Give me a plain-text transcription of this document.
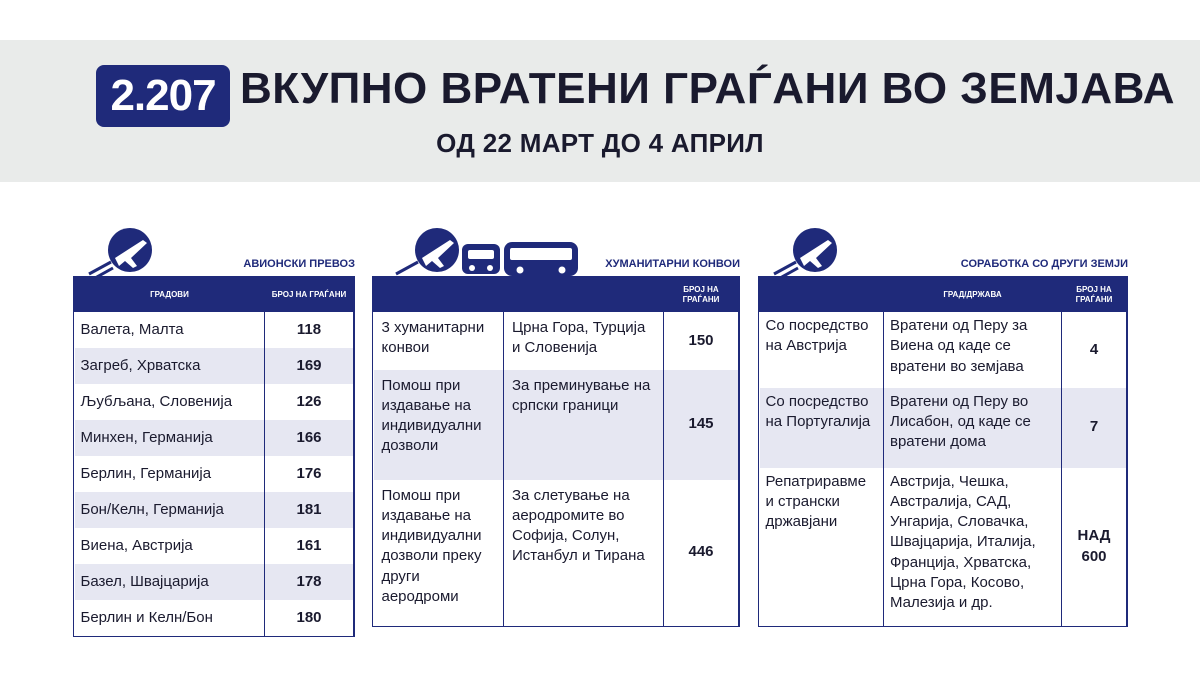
2.207 ВКУПНО ВРАТЕНИ ГРАЃАНИ ВО ЗЕМЈАВА
ОД 22 МАРТ ДО 4 АПРИЛ
АВИОНСКИ ПРЕВОЗ
ГРАДОВИ	БРОЈ НА ГРАЃАНИ
Валета, Малта	118
Загреб, Хрватска	169
Љубљана, Словенија	126
Минхен, Германија	166
Берлин, Германија	176
Бон/Келн, Германија	181
Виена, Австрија	161
Базел, Швајцарија	178
Берлин и Келн/Бон	180
ХУМАНИТАРНИ КОНВОИ
		БРОЈ НА ГРАЃАНИ
3 хуманитарни конвои	Црна Гора, Турција и Словенија	150
Помош при издавање на индивидуални дозволи	За преминување на српски граници	145
Помош при издавање на индивидуални дозволи преку други аеродроми	За слетување на аеродромите во Софија, Солун, Истанбул и Тирана	446
СОРАБОТКА СО ДРУГИ ЗЕМЈИ
	ГРАД/ДРЖАВА	БРОЈ НА ГРАЃАНИ
Со посредство на Австрија	Вратени од Перу за Виена од каде се вратени во земјава	4
Со посредство на Португалија	Вратени од Перу во Лисабон, од каде се вратени дома	7
Репатриравме и странски државјани	Австрија, Чешка, Австралија, САД, Унгарија, Словачка, Швајцарија, Италија, Франција, Хрватска, Црна Гора, Косово, Малезија и др.	НАД 600
